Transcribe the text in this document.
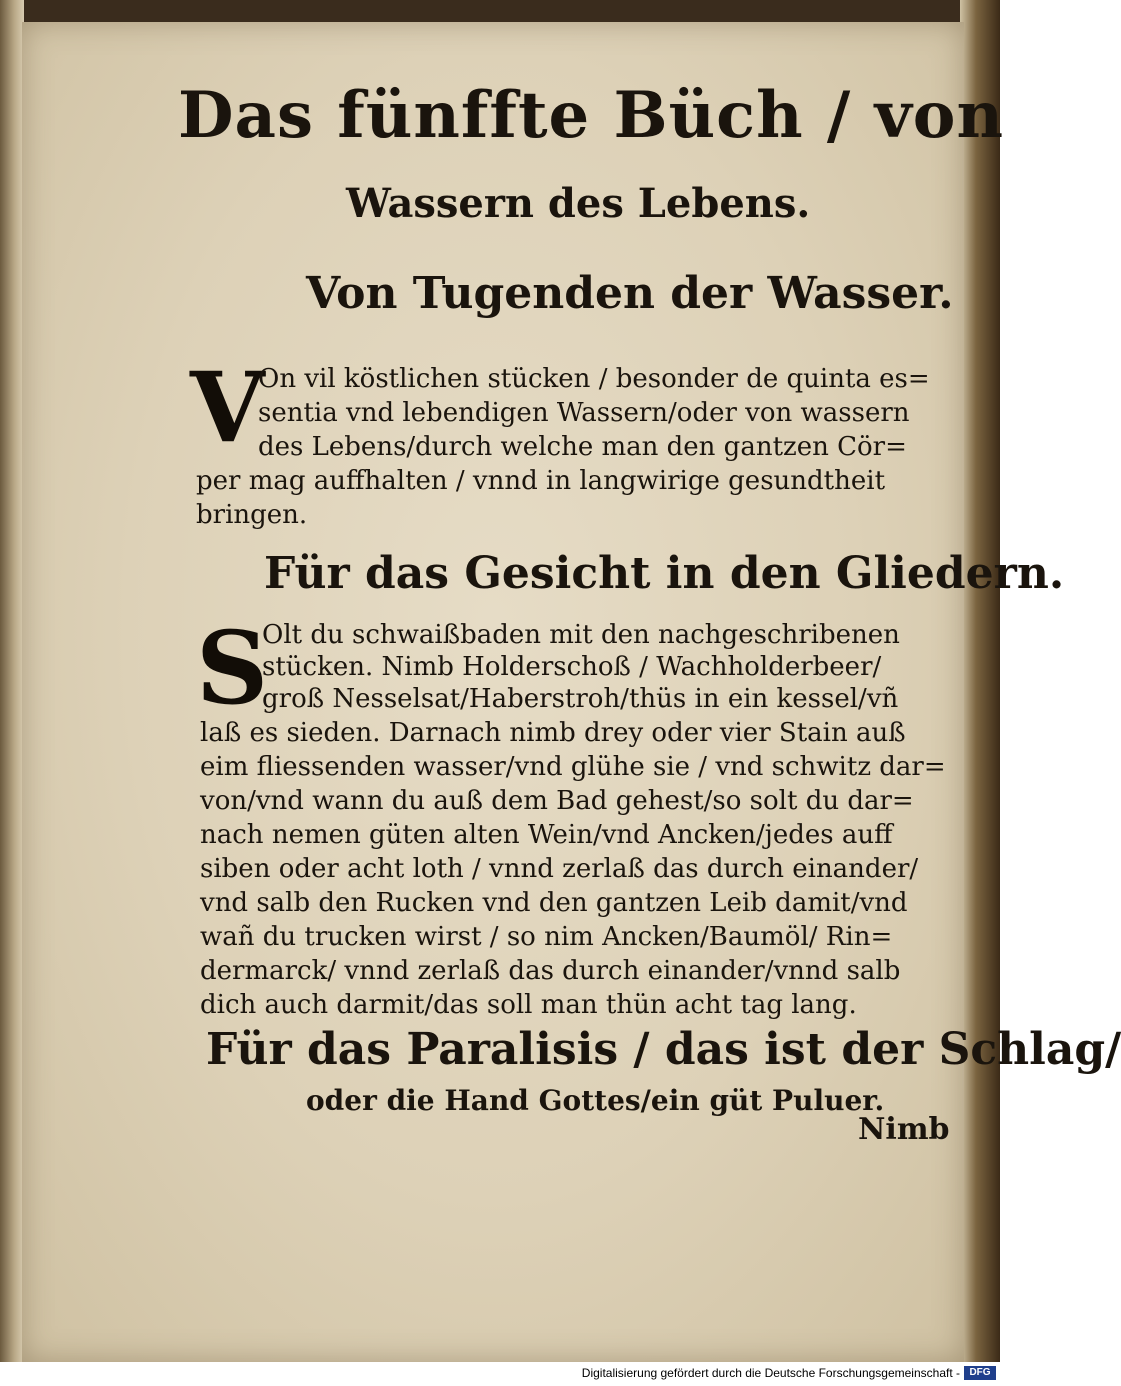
Das fünffte Büch / von
Wassern des Lebens.
Von Tugenden der Wasser.
V
On vil köstlichen stücken / besonder de quinta es=
sentia vnd lebendigen Wassern/oder von wassern
des Lebens/durch welche man den gantzen Cör=
per mag auffhalten / vnnd in langwirige gesundtheit
bringen.
Für das Gesicht in den Gliedern.
S
Olt du schwaißbaden mit den nachgeschribenen
stücken. Nimb Holderschoß / Wachholderbeer/
groß Nesselsat/Haberstroh/thüs in ein kessel/vñ
laß es sieden. Darnach nimb drey oder vier Stain auß
eim fliessenden wasser/vnd glühe sie / vnd schwitz dar=
von/vnd wann du auß dem Bad gehest/so solt du dar=
nach nemen güten alten Wein/vnd Ancken/jedes auff
siben oder acht loth / vnnd zerlaß das durch einander/
vnd salb den Rucken vnd den gantzen Leib damit/vnd
wañ du trucken wirst / so nim Ancken/Baumöl/ Rin=
dermarck/ vnnd zerlaß das durch einander/vnnd salb
dich auch darmit/das soll man thün acht tag lang.
Für das Paralisis / das ist der Schlag/
oder die Hand Gottes/ein güt Puluer.
Nimb
Digitalisierung gefördert durch die Deutsche Forschungsgemeinschaft - DFG
